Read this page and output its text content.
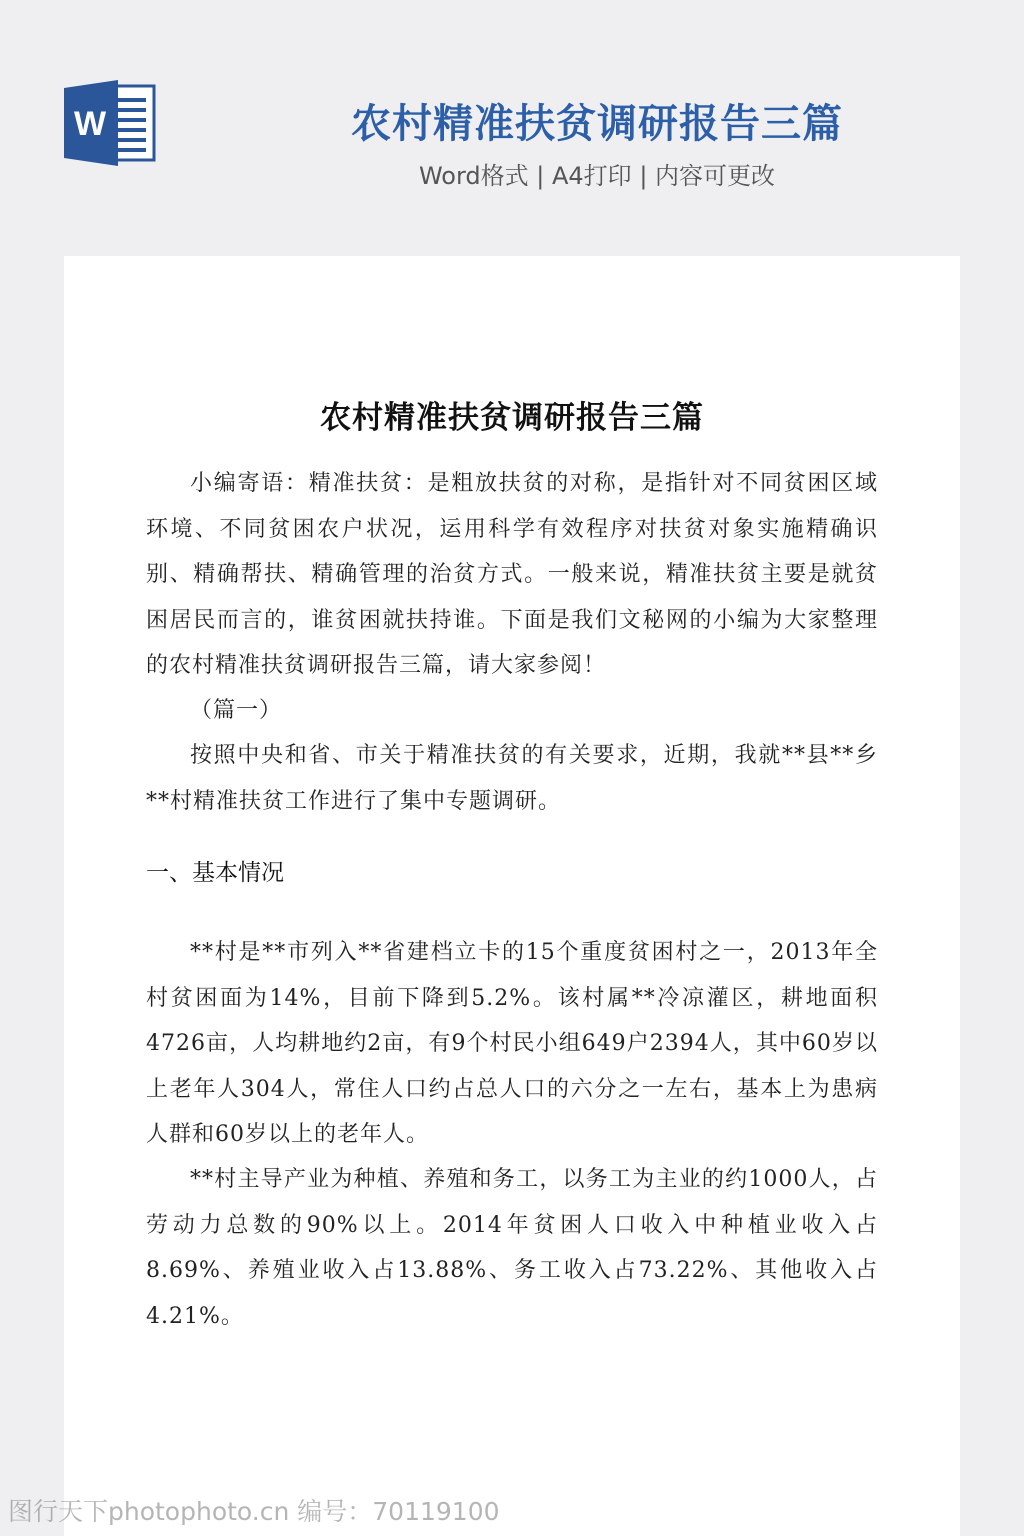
W	农村精准扶贫调研报告三篇
Word格式 | A4打印 | 内容可更改
农村精准扶贫调研报告三篇
小编寄语：精准扶贫：是粗放扶贫的对称，是指针对不同贫困区域环境、不同贫困农户状况，运用科学有效程序对扶贫对象实施精确识别、精确帮扶、精确管理的治贫方式。一般来说，精准扶贫主要是就贫困居民而言的，谁贫困就扶持谁。下面是我们文秘网的小编为大家整理的农村精准扶贫调研报告三篇，请大家参阅！
（篇一）
按照中央和省、市关于精准扶贫的有关要求，近期，我就**县**乡**村精准扶贫工作进行了集中专题调研。
一、基本情况
**村是**市列入**省建档立卡的15个重度贫困村之一，2013年全村贫困面为14%，目前下降到5.2%。该村属**冷凉灌区，耕地面积4726亩，人均耕地约2亩，有9个村民小组649户2394人，其中60岁以上老年人304人，常住人口约占总人口的六分之一左右，基本上为患病人群和60岁以上的老年人。
**村主导产业为种植、养殖和务工，以务工为主业的约1000人，占劳动力总数的90%以上。2014年贫困人口收入中种植业收入占8.69%、养殖业收入占13.88%、务工收入占73.22%、其他收入占4.21%。
图行天下photophoto.cn 编号：70119100
